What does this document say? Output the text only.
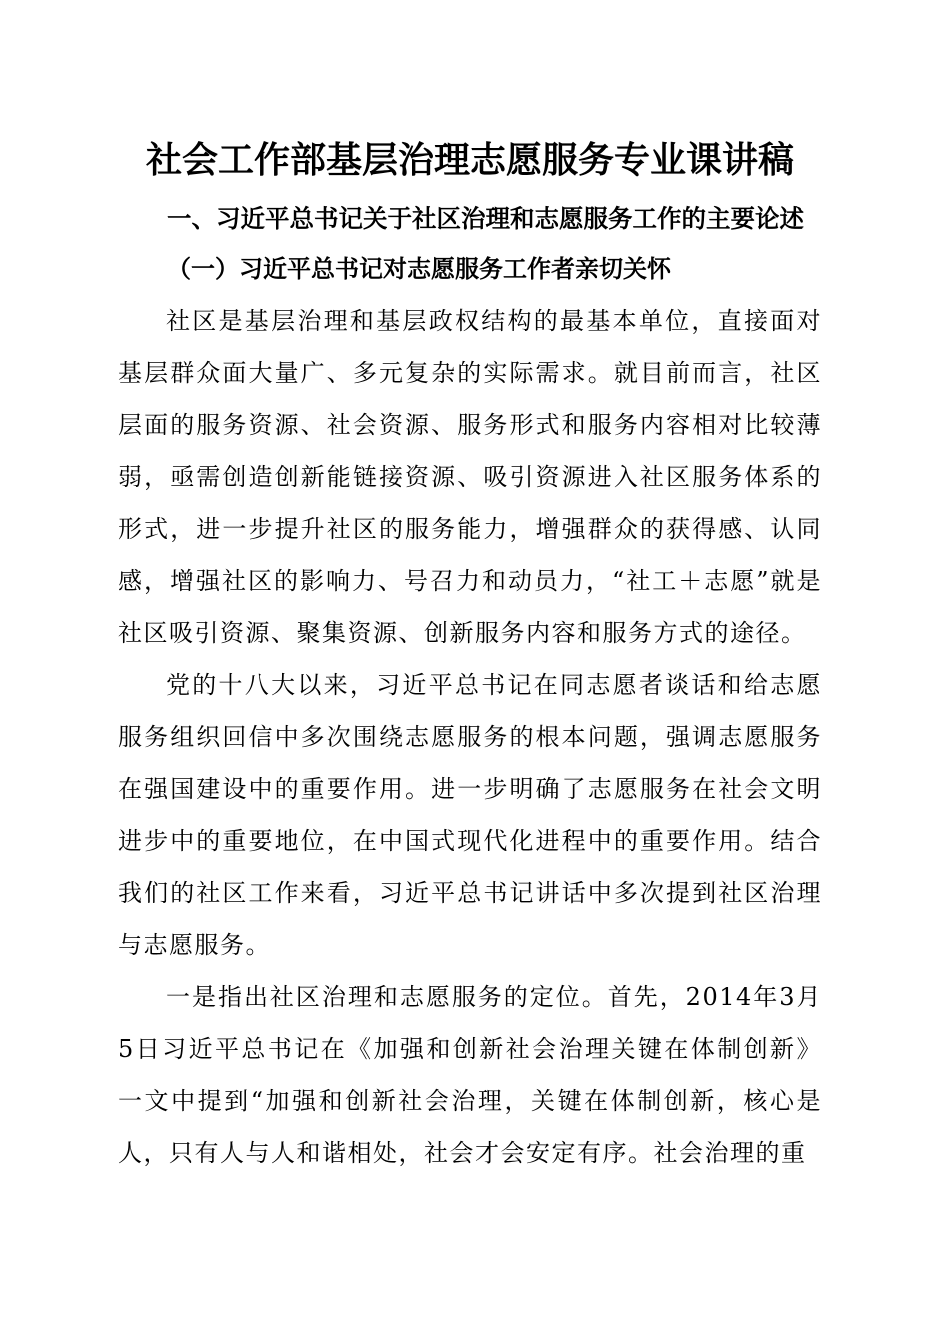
社会工作部基层治理志愿服务专业课讲稿
一、习近平总书记关于社区治理和志愿服务工作的主要论述
（一）习近平总书记对志愿服务工作者亲切关怀

社区是基层治理和基层政权结构的最基本单位，直接面对基层群众面大量广、多元复杂的实际需求。就目前而言，社区层面的服务资源、社会资源、服务形式和服务内容相对比较薄弱，亟需创造创新能链接资源、吸引资源进入社区服务体系的形式，进一步提升社区的服务能力，增强群众的获得感、认同感，增强社区的影响力、号召力和动员力，“社工＋志愿”就是社区吸引资源、聚集资源、创新服务内容和服务方式的途径。

党的十八大以来，习近平总书记在同志愿者谈话和给志愿服务组织回信中多次围绕志愿服务的根本问题，强调志愿服务在强国建设中的重要作用。进一步明确了志愿服务在社会文明进步中的重要地位，在中国式现代化进程中的重要作用。结合我们的社区工作来看，习近平总书记讲话中多次提到社区治理与志愿服务。

一是指出社区治理和志愿服务的定位。首先，2014年3月5日习近平总书记在《加强和创新社会治理关键在体制创新》一文中提到“加强和创新社会治理，关键在体制创新，核心是人，只有人与人和谐相处，社会才会安定有序。社会治理的重
